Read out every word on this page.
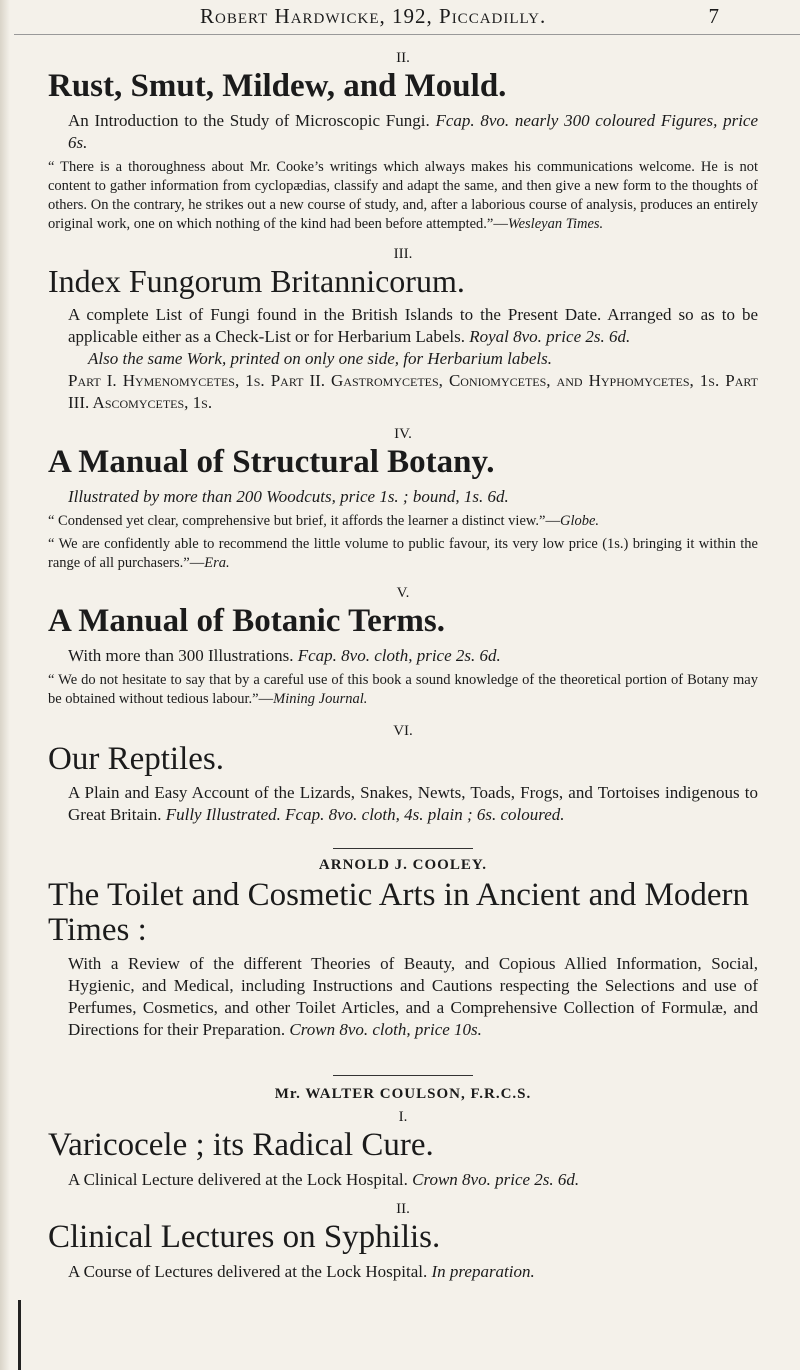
Robert Hardwicke, 192, Piccadilly.	7
II.
Rust, Smut, Mildew, and Mould.

An Introduction to the Study of Microscopic Fungi. Fcap. 8vo. nearly 300 coloured Figures, price 6s.

“ There is a thoroughness about Mr. Cooke’s writings which always makes his communications welcome. He is not content to gather information from cyclopædias, classify and adapt the same, and then give a new form to the thoughts of others. On the contrary, he strikes out a new course of study, and, after a laborious course of analysis, produces an entirely original work, one on which nothing of the kind had been before attempted.”—Wesleyan Times.

III.
Index Fungorum Britannicorum.

A complete List of Fungi found in the British Islands to the Present Date. Arranged so as to be applicable either as a Check-List or for Herbarium Labels. Royal 8vo. price 2s. 6d.

Also the same Work, printed on only one side, for Herbarium labels.

Part I. Hymenomycetes, 1s. Part II. Gastromycetes, Coniomycetes, and Hyphomycetes, 1s. Part III. Ascomycetes, 1s.

IV.
A Manual of Structural Botany.

Illustrated by more than 200 Woodcuts, price 1s. ; bound, 1s. 6d.

“ Condensed yet clear, comprehensive but brief, it affords the learner a distinct view.”—Globe.

“ We are confidently able to recommend the little volume to public favour, its very low price (1s.) bringing it within the range of all purchasers.”—Era.

V.
A Manual of Botanic Terms.

With more than 300 Illustrations. Fcap. 8vo. cloth, price 2s. 6d.

“ We do not hesitate to say that by a careful use of this book a sound knowledge of the theoretical portion of Botany may be obtained without tedious labour.”—Mining Journal.

VI.
Our Reptiles.

A Plain and Easy Account of the Lizards, Snakes, Newts, Toads, Frogs, and Tortoises indigenous to Great Britain. Fully Illustrated. Fcap. 8vo. cloth, 4s. plain ; 6s. coloured.

ARNOLD J. COOLEY.
The Toilet and Cosmetic Arts in Ancient and Modern Times :

With a Review of the different Theories of Beauty, and Copious Allied Information, Social, Hygienic, and Medical, including Instructions and Cautions respecting the Selections and use of Perfumes, Cosmetics, and other Toilet Articles, and a Comprehensive Collection of Formulæ, and Directions for their Preparation. Crown 8vo. cloth, price 10s.

Mr. WALTER COULSON, F.R.C.S.
I.
Varicocele ; its Radical Cure.

A Clinical Lecture delivered at the Lock Hospital. Crown 8vo. price 2s. 6d.

II.
Clinical Lectures on Syphilis.

A Course of Lectures delivered at the Lock Hospital. In preparation.
